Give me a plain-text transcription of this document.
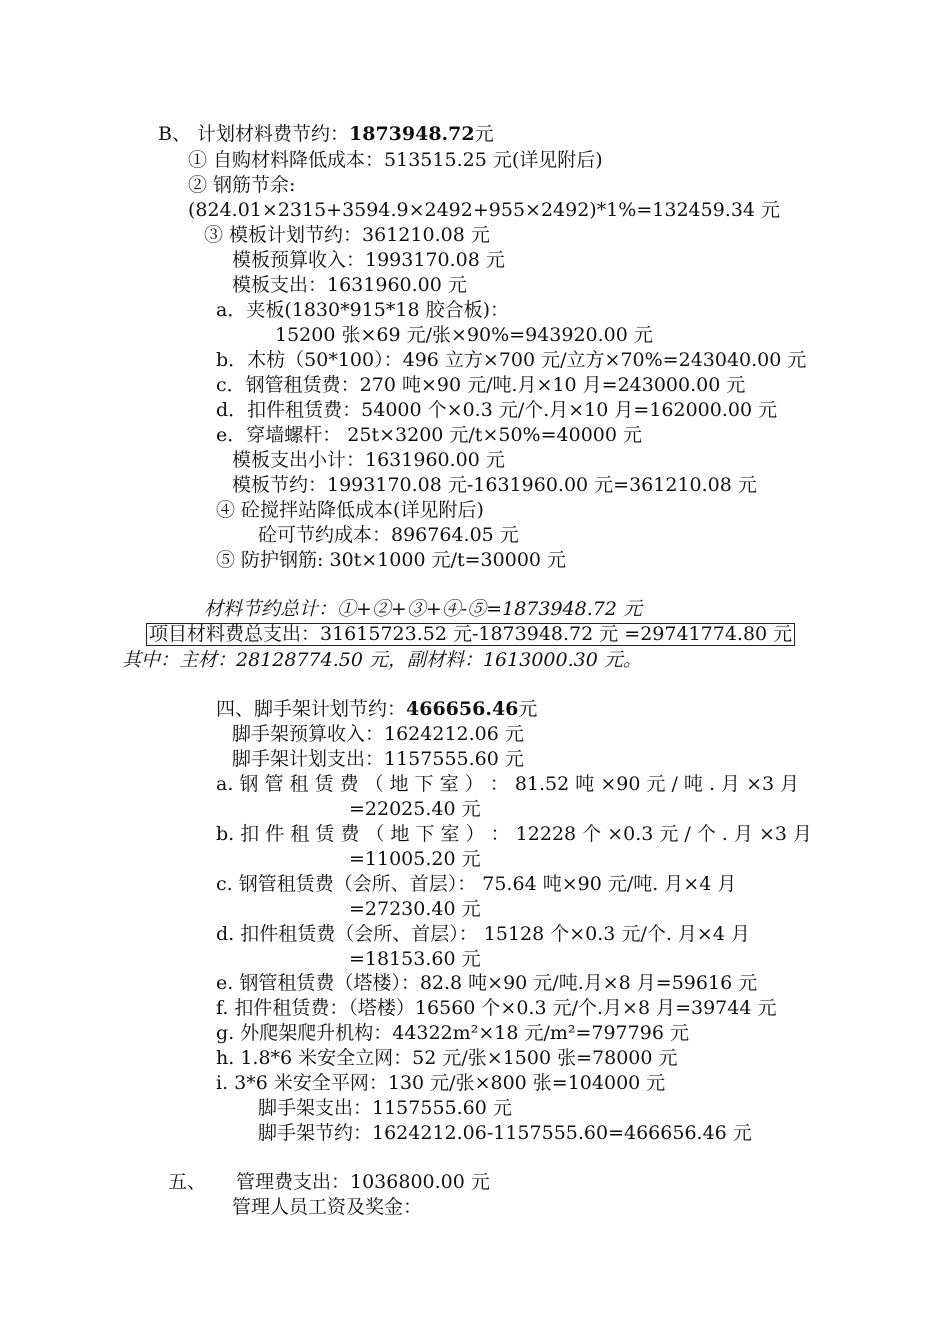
B、 计划材料费节约：1873948.72元
① 自购材料降低成本：513515.25 元(详见附后)
② 钢筋节余:
(824.01×2315+3594.9×2492+955×2492)*1%=132459.34 元
③ 模板计划节约：361210.08 元
模板预算收入：1993170.08 元
模板支出：1631960.00 元
a．夹板(1830*915*18 胶合板)：
15200 张×69 元/张×90%=943920.00 元
b．木枋（50*100）：496 立方×700 元/立方×70%=243040.00 元
c．钢管租赁费：270 吨×90 元/吨.月×10 月=243000.00 元
d．扣件租赁费：54000 个×0.3 元/个.月×10 月=162000.00 元
e．穿墙螺杆： 25t×3200 元/t×50%=40000 元
模板支出小计：1631960.00 元
模板节约：1993170.08 元-1631960.00 元=361210.08 元
④ 砼搅拌站降低成本(详见附后)
砼可节约成本：896764.05 元
⑤ 防护钢筋: 30t×1000 元/t=30000 元
材料节约总计：①+②+③+④-⑤=1873948.72 元
项目材料费总支出：31615723.52 元-1873948.72 元 =29741774.80 元
其中：主材：28128774.50 元，副材料：1613000.30 元。
四、脚手架计划节约：466656.46元
脚手架预算收入：1624212.06 元
脚手架计划支出：1157555.60 元
a. 钢 管 租 赁 费 （ 地 下 室 ） ： 81.52 吨 ×90 元 / 吨 . 月 ×3 月
=22025.40 元
b. 扣 件 租 赁 费 （ 地 下 室 ） ： 12228 个 ×0.3 元 / 个 . 月 ×3 月
=11005.20 元
c. 钢管租赁费（会所、首层）： 75.64 吨×90 元/吨. 月×4 月
=27230.40 元
d. 扣件租赁费（会所、首层）： 15128 个×0.3 元/个. 月×4 月
=18153.60 元
e. 钢管租赁费（塔楼）：82.8 吨×90 元/吨.月×8 月=59616 元
f. 扣件租赁费：（塔楼）16560 个×0.3 元/个.月×8 月=39744 元
g. 外爬架爬升机构：44322m²×18 元/m²=797796 元
h. 1.8*6 米安全立网：52 元/张×1500 张=78000 元
i. 3*6 米安全平网：130 元/张×800 张=104000 元
脚手架支出：1157555.60 元
脚手架节约：1624212.06-1157555.60=466656.46 元
五、 管理费支出：1036800.00 元
管理人员工资及奖金：
